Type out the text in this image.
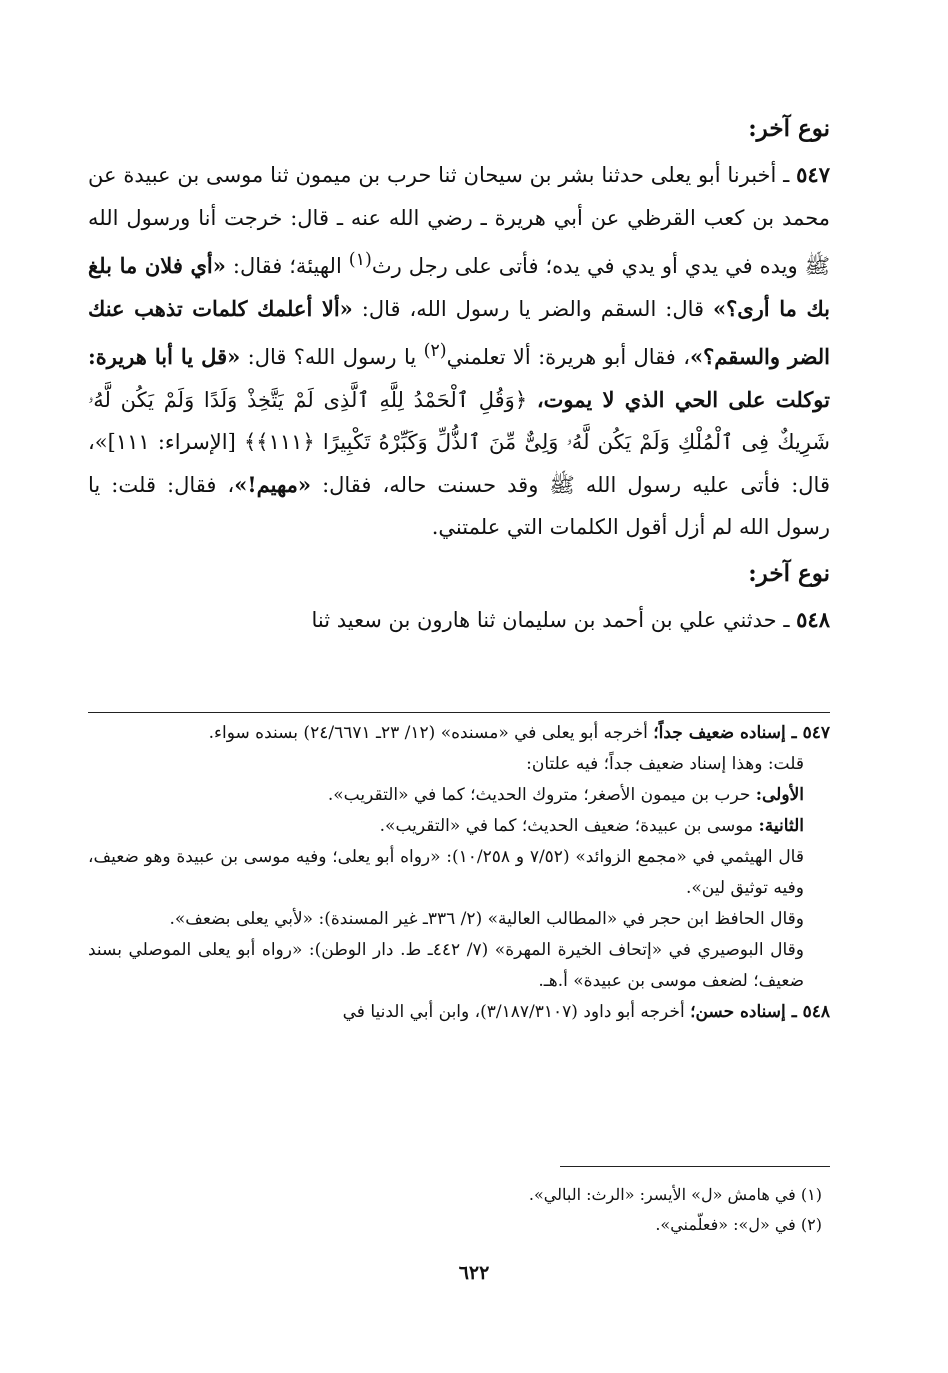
نوع آخر:

٥٤٧ ـ أخبرنا أبو يعلى حدثنا بشر بن سيحان ثنا حرب بن ميمون ثنا موسى بن عبيدة عن محمد بن كعب القرظي عن أبي هريرة ـ رضي الله عنه ـ قال: خرجت أنا ورسول الله ﷺ ويده في يدي أو يدي في يده؛ فأتى على رجل رث$^{(١)}$ الهيئة؛ فقال: «أي فلان ما بلغ بك ما أرى؟» قال: السقم والضر يا رسول الله، قال: «ألا أعلمك كلمات تذهب عنك الضر والسقم؟»، فقال أبو هريرة: ألا تعلمني$^{(٢)}$ يا رسول الله؟ قال: «قل يا أبا هريرة: توكلت على الحي الذي لا يموت، ﴿وَقُلِ ٱلْحَمْدُ لِلَّهِ ٱلَّذِى لَمْ يَتَّخِذْ وَلَدًا وَلَمْ يَكُن لَّهُۥ شَرِيكٌ فِى ٱلْمُلْكِ وَلَمْ يَكُن لَّهُۥ وَلِىٌّ مِّنَ ٱلذُّلِّ وَكَبِّرْهُ تَكْبِيرًا ﴿١١١﴾﴾ [الإسراء: ١١١]»، قال: فأتى عليه رسول الله ﷺ وقد حسنت حاله، فقال: «مهيم!»، فقال: قلت: يا رسول الله لم أزل أقول الكلمات التي علمتني.

نوع آخر:

٥٤٨ ـ حدثني علي بن أحمد بن سليمان ثنا هارون بن سعيد ثنا

٥٤٧ ـ إسناده ضعيف جداً؛ أخرجه أبو يعلى في «مسنده» (١٢/ ٢٣ـ ٢٤/٦٦٧١) بسنده سواء.

قلت: وهذا إسناد ضعيف جداً؛ فيه علتان:

الأولى: حرب بن ميمون الأصغر؛ متروك الحديث؛ كما في «التقريب».

الثانية: موسى بن عبيدة؛ ضعيف الحديث؛ كما في «التقريب».

قال الهيثمي في «مجمع الزوائد» (٧/٥٢ و ١٠/٢٥٨): «رواه أبو يعلى؛ وفيه موسى بن عبيدة وهو ضعيف، وفيه توثيق لين».

وقال الحافظ ابن حجر في «المطالب العالية» (٢/ ٣٣٦ـ غير المسندة): «لأبي يعلى بضعف».

وقال البوصيري في «إتحاف الخيرة المهرة» (٧/ ٤٤٢ـ ط. دار الوطن): «رواه أبو يعلى الموصلي بسند ضعيف؛ لضعف موسى بن عبيدة» أ.هـ.

٥٤٨ ـ إسناده حسن؛ أخرجه أبو داود (٣/١٨٧/٣١٠٧)، وابن أبي الدنيا في

(١) في هامش «ل» الأيسر: «الرث: البالي».

(٢) في «ل»: «فعلّمني».

٦٢٢
